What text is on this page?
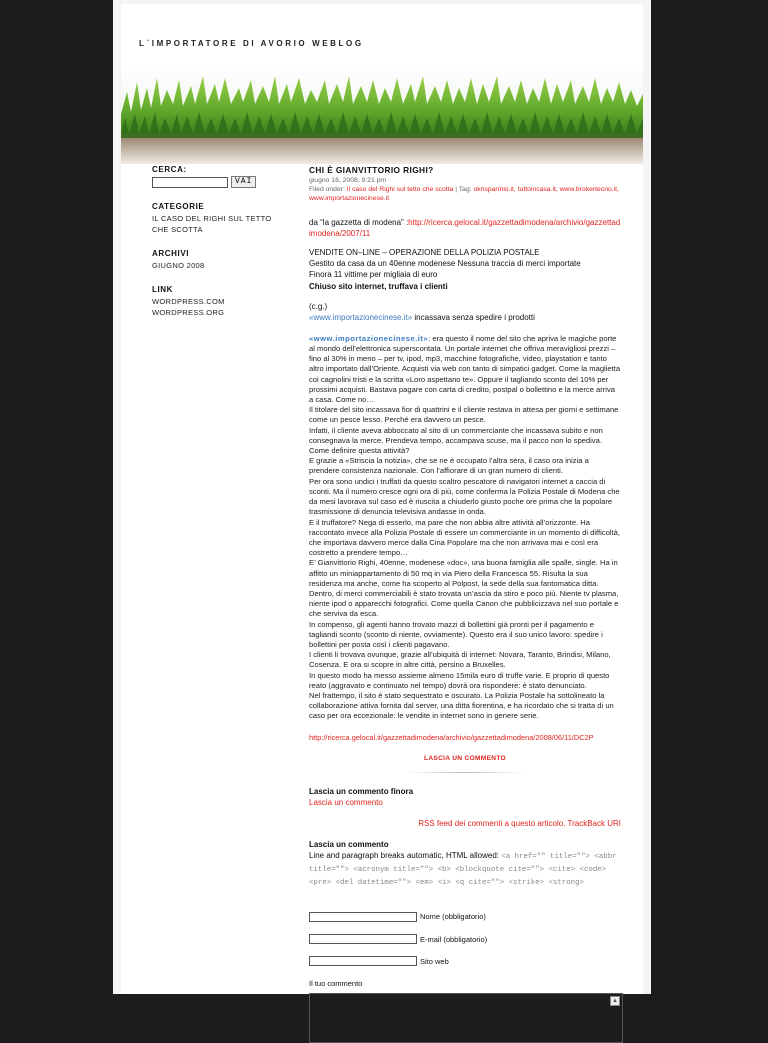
L`IMPORTATORE DI AVORIO WEBLOG
CERCA:
VAI
CATEGORIE
IL CASO DEL RIGHI SUL TETTO CHE SCOTTA
ARCHIVI
GIUGNO 2008
LINK
WORDPRESS.COM
WORDPRESS.ORG
CHI È GIANVITTORIO RIGHI?
giugno 18, 2008, 9:21 pm
Filed under: Il caso del Righi sul tetto che scotta | Tag: okrisparmio.it, tuttoincasa.it, www.brokertecno.it, www.importazionecinese.it

da “la gazzetta di modena” :http://ricerca.gelocal.it/gazzettadimodena/archivio/gazzettadimodena/2007/11

VENDITE ON–LINE – OPERAZIONE DELLA POLIZIA POSTALE

Gestito da casa da un 40enne modenese Nessuna traccia di merci importate

Finora 11 vittime per migliaia di euro

Chiuso sito internet, truffava i clienti

(c.g.)

«www.importazionecinese.it» incassava senza spedire i prodotti

«www.importazionecinese.it»: era questo il nome del sito che apriva le magiche porte al mondo dell’elettronica superscontata. Un portale internet che offriva meravigliosi prezzi – fino al 30% in meno – per tv, ipod, mp3, macchine fotografiche, video, playstation e tanto altro importato dall’Oriente. Acquisti via web con tanto di simpatici gadget. Come la maglietta coi cagnolini tristi e la scritta «Loro aspettano te». Oppure il tagliando sconto del 10% per prossimi acquisti. Bastava pagare con carta di credito, postpal o bollettino e la merce arriva a casa. Come no…
Il titolare del sito incassava fior di quattrini e il cliente restava in attesa per giorni e settimane come un pesce lesso. Perché era davvero un pesce.
Infatti, il cliente aveva abboccato al sito di un commerciante che incassava subito e non consegnava la merce. Prendeva tempo, accampava scuse, ma il pacco non lo spediva. Come definire questa attività?
E grazie a «Striscia la notizia», che se ne è occupato l’altra sera, il caso ora inizia a prendere consistenza nazionale. Con l’affiorare di un gran numero di clienti.
Per ora sono undici i truffati da questo scaltro pescatore di navigatori internet a caccia di sconti. Ma il numero cresce ogni ora di più, come conferma la Polizia Postale di Modena che da mesi lavorava sul caso ed è riuscita a chiuderlo giusto poche ore prima che la popolare trasmissione di denuncia televisiva andasse in onda.
E il truffatore? Nega di esserlo, ma pare che non abbia altre attività all’orizzonte. Ha raccontato invece alla Polizia Postale di essere un commerciante in un momento di difficoltà, che importava davvero merce dalla Cina Popolare ma che non arrivava mai e così era costretto a prendere tempo…
E’ Gianvittorio Righi, 40enne, modenese «doc», una buona famiglia alle spalle, single. Ha in affitto un miniappartamento di 50 mq in via Piero della Francesca 55. Risulta la sua residenza ma anche, come ha scoperto al Polpost, la sede della sua fantomatica ditta. Dentro, di merci commerciabili è stato trovata un’ascia da stiro e poco più. Niente tv plasma, niente ipod o apparecchi fotografici. Come quella Canon che pubblicizzava nel suo portale e che serviva da esca.
In compenso, gli agenti hanno trovato mazzi di bollettini già pronti per il pagamento e tagliandi sconto (sconto di niente, ovviamente). Questo era il suo unico lavoro: spedire i bollettini per posta così i clienti pagavano.
I clienti li trovava ovunque, grazie all’ubiquità di internet: Novara, Taranto, Brindisi, Milano, Cosenza. E ora si scopre in altre città, persino a Bruxelles.
In questo modo ha messo assieme almeno 15mila euro di truffe varie. E proprio di questo reato (aggravato e continuato nel tempo) dovrà ora rispondere: è stato denunciato.
Nel frattempo, il sito è stato sequestrato e oscurato. La Polizia Postale ha sottolineato la collaborazione attiva fornita dal server, una ditta fiorentina, e ha ricordato che si tratta di un caso per ora eccezionale: le vendite in internet sono in genere serie.

http://ricerca.gelocal.it/gazzettadimodena/archivio/gazzettadimodena/2008/06/11/DC2P

LASCIA UN COMMENTO

Lascia un commento finora

Lascia un commento

RSS feed dei commenti a questo articolo. TrackBack URI

Lascia un commento

Line and paragraph breaks automatic, HTML allowed: <a href="" title=""> <abbr title=""> <acronym title=""> <b> <blockquote cite=""> <cite> <code> <pre> <del datetime=""> <em> <i> <q cite=""> <strike> <strong>

Nome (obbligatorio)
E-mail (obbligatorio)
Sito web

Il tuo commento

▲
